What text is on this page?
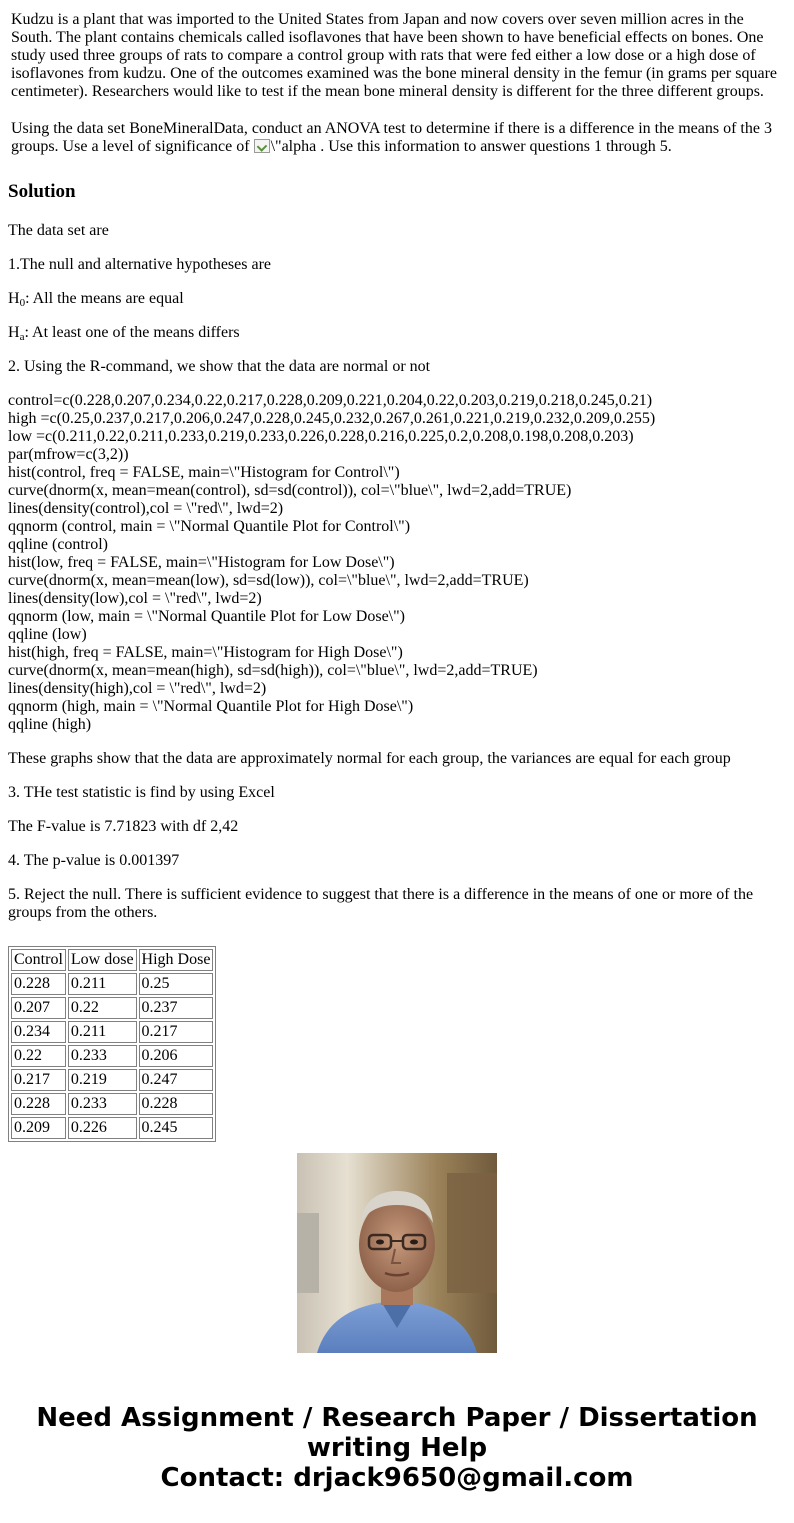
Kudzu is a plant that was imported to the United States from Japan and now covers over seven million acres in the South. The plant contains chemicals called isoflavones that have been shown to have beneficial effects on bones. One study used three groups of rats to compare a control group with rats that were fed either a low dose or a high dose of isoflavones from kudzu. One of the outcomes examined was the bone mineral density in the femur (in grams per square centimeter). Researchers would like to test if the mean bone mineral density is different for the three different groups.

Using the data set BoneMineralData, conduct an ANOVA test to determine if there is a difference in the means of the 3 groups. Use a level of significance of \"alpha . Use this information to answer questions 1 through 5.

Solution

The data set are

1.The null and alternative hypotheses are

$H_0$: All the means are equal

$H_a$: At least one of the means differs

2. Using the R-command, we show that the data are normal or not

control=c(0.228,0.207,0.234,0.22,0.217,0.228,0.209,0.221,0.204,0.22,0.203,0.219,0.218,0.245,0.21)
high =c(0.25,0.237,0.217,0.206,0.247,0.228,0.245,0.232,0.267,0.261,0.221,0.219,0.232,0.209,0.255)
low =c(0.211,0.22,0.211,0.233,0.219,0.233,0.226,0.228,0.216,0.225,0.2,0.208,0.198,0.208,0.203)
par(mfrow=c(3,2))
hist(control, freq = FALSE, main=\"Histogram for Control\")
curve(dnorm(x, mean=mean(control), sd=sd(control)), col=\"blue\", lwd=2,add=TRUE)
lines(density(control),col = \"red\", lwd=2)
qqnorm (control, main = \"Normal Quantile Plot for Control\")
qqline (control)
hist(low, freq = FALSE, main=\"Histogram for Low Dose\")
curve(dnorm(x, mean=mean(low), sd=sd(low)), col=\"blue\", lwd=2,add=TRUE)
lines(density(low),col = \"red\", lwd=2)
qqnorm (low, main = \"Normal Quantile Plot for Low Dose\")
qqline (low)
hist(high, freq = FALSE, main=\"Histogram for High Dose\")
curve(dnorm(x, mean=mean(high), sd=sd(high)), col=\"blue\", lwd=2,add=TRUE)
lines(density(high),col = \"red\", lwd=2)
qqnorm (high, main = \"Normal Quantile Plot for High Dose\")
qqline (high)

These graphs show that the data are approximately normal for each group, the variances are equal for each group

3. THe test statistic is find by using Excel

The F-value is 7.71823 with df 2,42

4. The p-value is 0.001397

5. Reject the null. There is sufficient evidence to suggest that there is a difference in the means of one or more of the groups from the others.

Control	Low dose	High Dose
0.228	0.211	0.25
0.207	0.22	0.237
0.234	0.211	0.217
0.22	0.233	0.206
0.217	0.219	0.247
0.228	0.233	0.228
0.209	0.226	0.245
Need Assignment / Research Paper / Dissertation
writing Help
Contact: drjack9650@gmail.com
